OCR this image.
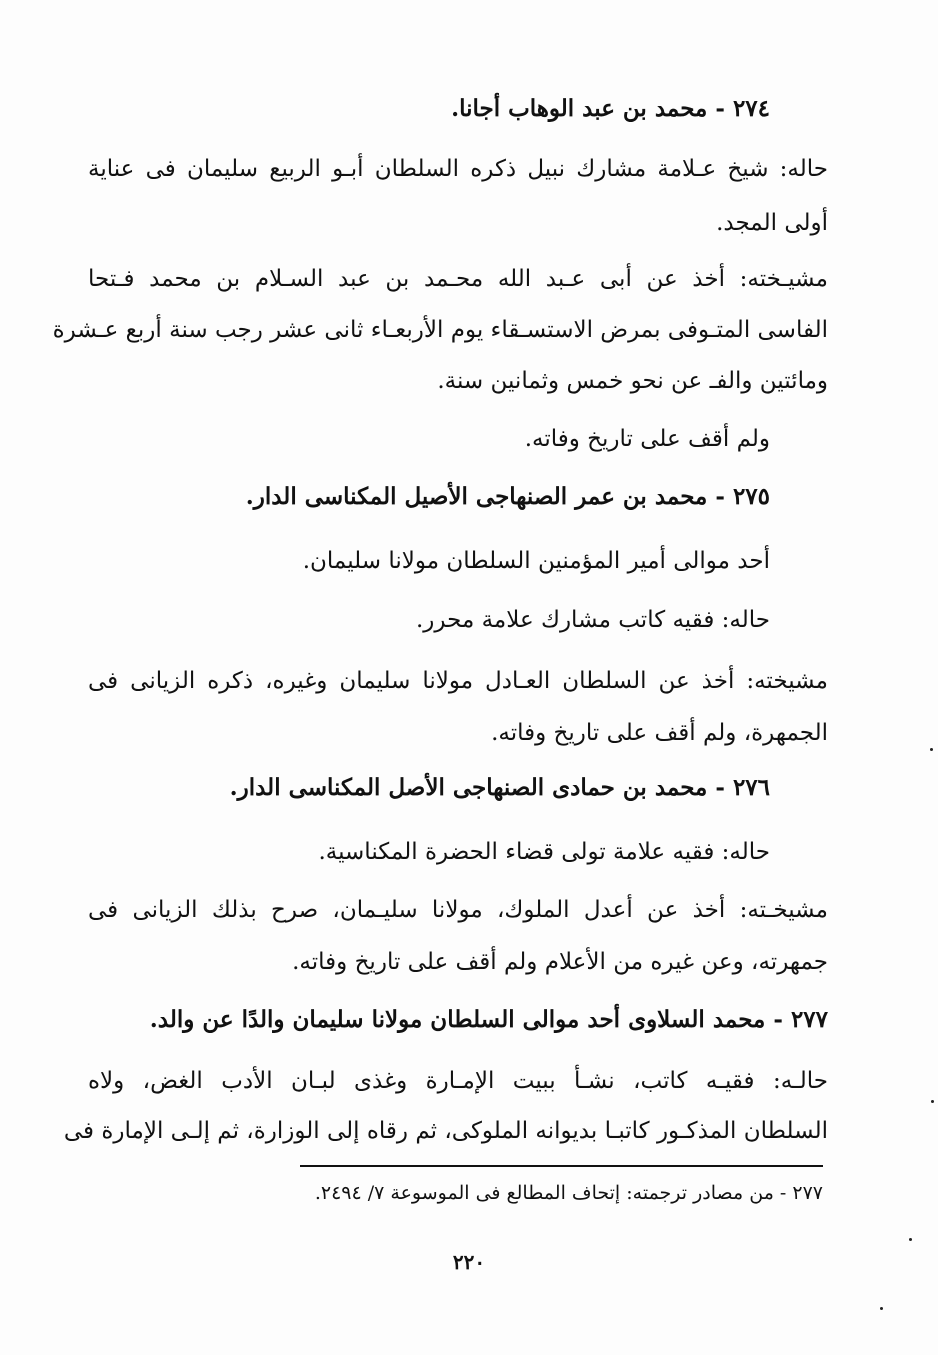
٢٧٤ - محمد بن عبد الوهاب أجانا.
حاله: شيخ عـلامة مشارك نبيل ذكره السلطان أبـو الربيع سليمان فى عناية
أولى المجد.
مشيـخته: أخذ عن أبى عـبد الله محـمد بن عبد السـلام بن محمد فـتحا
الفاسى المتـوفى بمرض الاستسـقاء يوم الأربعـاء ثانى عشر رجب سنة أربع عـشرة
ومائتين والفـ عن نحو خمس وثمانين سنة.
ولم أقف على تاريخ وفاته.
٢٧٥ - محمد بن عمر الصنهاجى الأصيل المكناسى الدار.
أحد موالى أمير المؤمنين السلطان مولانا سليمان.
حاله: فقيه كاتب مشارك علامة محرر.
مشيخته: أخذ عن السلطان العـادل مولانا سليمان وغيره، ذكره الزيانى فى
الجمهرة، ولم أقف على تاريخ وفاته.
٢٧٦ - محمد بن حمادى الصنهاجى الأصل المكناسى الدار.
حاله: فقيه علامة تولى قضاء الحضرة المكناسية.
مشيخـته: أخذ عن أعدل الملوك، مولانا سليـمان، صرح بذلك الزيانى فى
جمهرته، وعن غيره من الأعلام ولم أقف على تاريخ وفاته.
٢٧٧ - محمد السلاوى أحد موالى السلطان مولانا سليمان والدًا عن والد.
حالـه: فقيـه كاتب، نشـأ ببيت الإمـارة وغذى لبـان الأدب الغض، ولاه
السلطان المذكـور كاتبـا بديوانه الملوكى، ثم رقاه إلى الوزارة، ثم إلـى الإمارة فى
٢٧٧ - من مصادر ترجمته: إتحاف المطالع فى الموسوعة ٧/ ٢٤٩٤.
٢٢٠
